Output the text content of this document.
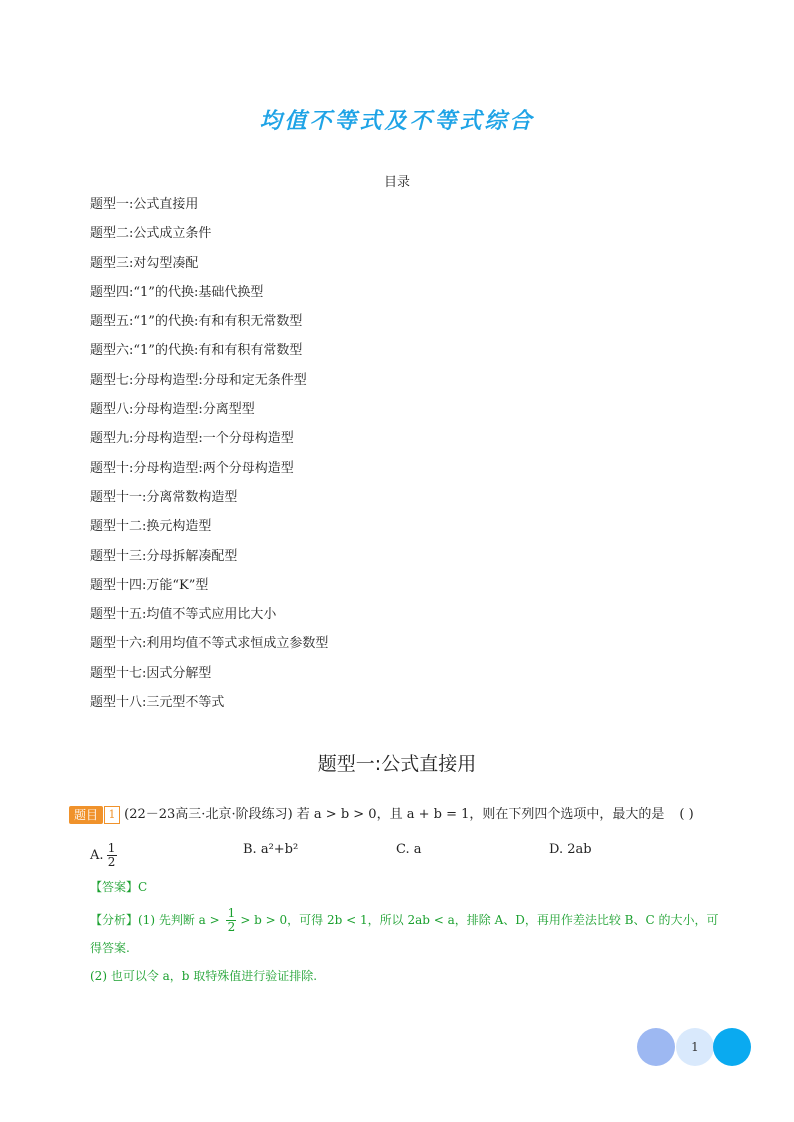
均值不等式及不等式综合
目录
题型一:公式直接用
题型二:公式成立条件
题型三:对勾型凑配
题型四:“1”的代换:基础代换型
题型五:“1”的代换:有和有积无常数型
题型六:“1”的代换:有和有积有常数型
题型七:分母构造型:分母和定无条件型
题型八:分母构造型:分离型型
题型九:分母构造型:一个分母构造型
题型十:分母构造型:两个分母构造型
题型十一:分离常数构造型
题型十二:换元构造型
题型十三:分母拆解凑配型
题型十四:万能“K”型
题型十五:均值不等式应用比大小
题型十六:利用均值不等式求恒成立参数型
题型十七:因式分解型
题型十八:三元型不等式
题型一:公式直接用
题目 1 (22－23高三·北京·阶段练习) 若 a > b > 0，且 a + b = 1，则在下列四个选项中，最大的是 ( )
A. $\frac{1}{2}$	B. a²+b²	C. a	D. 2ab
【答案】C
【分析】(1) 先判断 $a > \frac{1}{2} > b > 0$，可得 2b < 1，所以 2ab < a，排除 A、D，再用作差法比较 B、C 的大小，可得答案.
(2) 也可以令 a，b 取特殊值进行验证排除.
1
